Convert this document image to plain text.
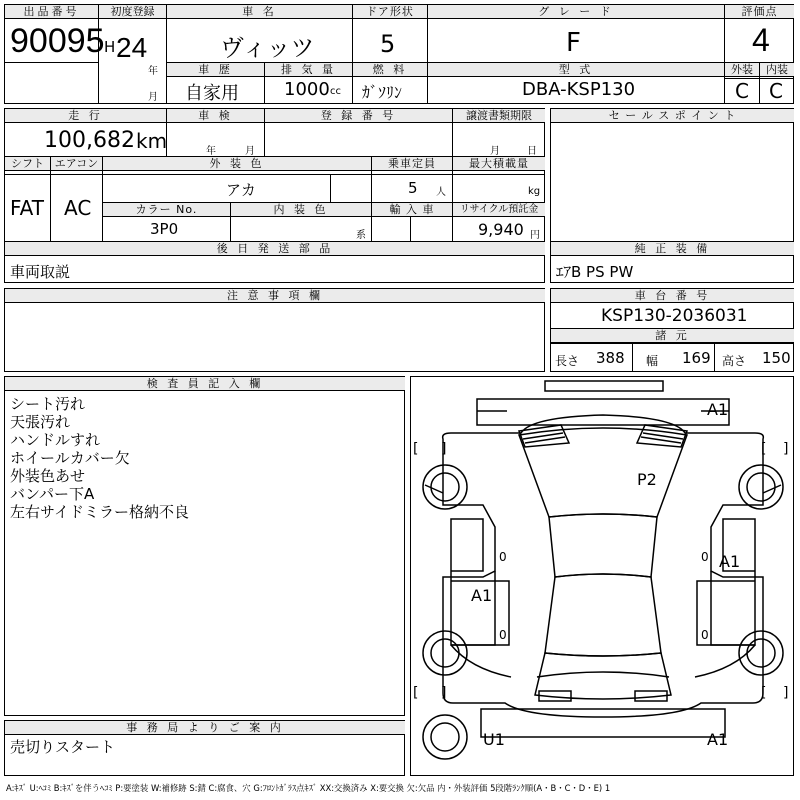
出品番号
90095
初度登録
H 24
年
月
車 名
ヴィッツ
ドア形状
5
グ レ ー ド
F
評価点
4
車 歴
自家用
排 気 量
1000 cc
燃 料
ｶﾞｿﾘﾝ
型 式
DBA-KSP130
外装	内装
C C
走 行
100,682 km
車 検
年	月
登 録 番 号	譲渡書類期限
月	日
シフト
FAT
エアコン
AC
外 装 色
アカ
乗車定員
5 人
最大積載量
kg
カラー No.
3P0
内 装 色
系
輸 入 車	リサイクル預託金
9,940 円
セ ー ル ス ポ イ ン ト
後 日 発 送 部 品
車両取説
純 正 装 備
ｴｱB PS PW
注 意 事 項 欄	車 台 番 号
KSP130-2036031
諸 元
長さ 388 幅 169 高さ 150
検 査 員 記 入 欄
シート汚れ
天張汚れ
ハンドルすれ
ホイールカバー欠
外装色あせ
バンパー下A
左右サイドミラー格納不良
事 務 局 よ り ご 案 内
売切りスタート
0
0
0
0
[ ]	[ ]
[ ]	[ ]
A1
P2
A1
A1
U1	A1
A:ｷｽﾞ U:ﾍｺﾐ B:ｷｽﾞを伴うﾍｺﾐ P:要塗装 W:補修跡 S:錆 C:腐食、穴 G:ﾌﾛﾝﾄｶﾞﾗｽ点ｷｽﾞ XX:交換済み X:要交換 欠:欠品 内・外装評価 5段階ﾗﾝｸ順(A・B・C・D・E) 1
